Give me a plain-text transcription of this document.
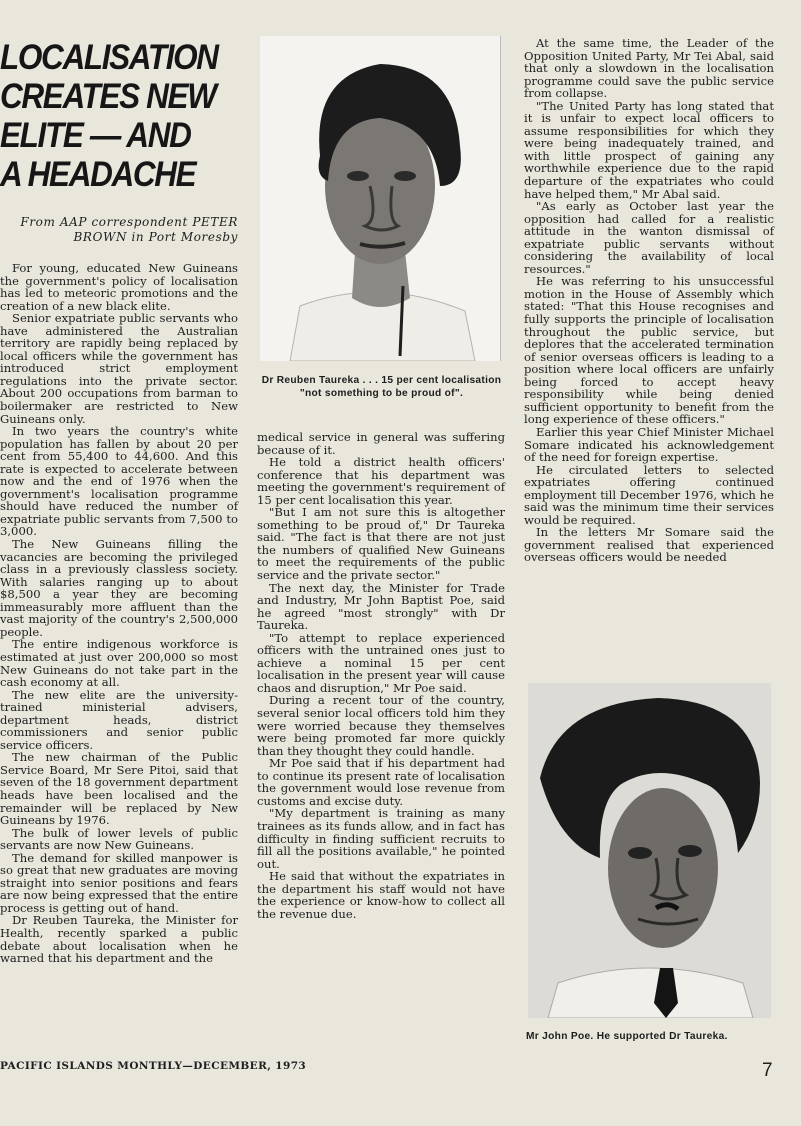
LOCALISATION
CREATES NEW
ELITE — AND
A HEADACHE
From AAP correspondent PETER
BROWN in Port Moresby

For young, educated New Guineans the government's policy of localisation has led to meteoric promotions and the creation of a new black elite.

Senior expatriate public servants who have administered the Australian territory are rapidly being replaced by local officers while the government has introduced strict employment regulations into the private sector. About 200 occupations from barman to boilermaker are restricted to New Guineans only.

In two years the country's white population has fallen by about 20 per cent from 55,400 to 44,600. And this rate is expected to accelerate between now and the end of 1976 when the government's localisation programme should have reduced the number of expatriate public servants from 7,500 to 3,000.

The New Guineans filling the vacancies are becoming the privileged class in a previously classless society. With salaries ranging up to about $8,500 a year they are becoming immeasurably more affluent than the vast majority of the country's 2,500,000 people.

The entire indigenous workforce is estimated at just over 200,000 so most New Guineans do not take part in the cash economy at all.

The new elite are the university-trained ministerial advisers, department heads, district commissioners and senior public service officers.

The new chairman of the Public Service Board, Mr Sere Pitoi, said that seven of the 18 government department heads have been localised and the remainder will be replaced by New Guineans by 1976.

The bulk of lower levels of public servants are now New Guineans.

The demand for skilled manpower is so great that new graduates are moving straight into senior positions and fears are now being expressed that the entire process is getting out of hand.

Dr Reuben Taureka, the Minister for Health, recently sparked a public debate about localisation when he warned that his department and the

Dr Reuben Taureka . . . 15 per cent localisation "not something to be proud of".

medical service in general was suffering because of it.

He told a district health officers' conference that his department was meeting the government's requirement of 15 per cent localisation this year.

"But I am not sure this is altogether something to be proud of," Dr Taureka said. "The fact is that there are not just the numbers of qualified New Guineans to meet the requirements of the public service and the private sector."

The next day, the Minister for Trade and Industry, Mr John Baptist Poe, said he agreed "most strongly" with Dr Taureka.

"To attempt to replace experienced officers with the untrained ones just to achieve a nominal 15 per cent localisation in the present year will cause chaos and disruption," Mr Poe said.

During a recent tour of the country, several senior local officers told him they were worried because they themselves were being promoted far more quickly than they thought they could handle.

Mr Poe said that if his department had to continue its present rate of localisation the government would lose revenue from customs and excise duty.

"My department is training as many trainees as its funds allow, and in fact has difficulty in finding sufficient recruits to fill all the positions available," he pointed out.

He said that without the expatriates in the department his staff would not have the experience or know-how to collect all the revenue due.

At the same time, the Leader of the Opposition United Party, Mr Tei Abal, said that only a slowdown in the localisation programme could save the public service from collapse.

"The United Party has long stated that it is unfair to expect local officers to assume responsibilities for which they were being inadequately trained, and with little prospect of gaining any worthwhile experience due to the rapid departure of the expatriates who could have helped them," Mr Abal said.

"As early as October last year the opposition had called for a realistic attitude in the wanton dismissal of expatriate public servants without considering the availability of local resources."

He was referring to his unsuccessful motion in the House of Assembly which stated: "That this House recognises and fully supports the principle of localisation throughout the public service, but deplores that the accelerated termination of senior overseas officers is leading to a position where local officers are unfairly being forced to accept heavy responsibility while being denied sufficient opportunity to benefit from the long experience of these officers."

Earlier this year Chief Minister Michael Somare indicated his acknowledgement of the need for foreign expertise.

He circulated letters to selected expatriates offering continued employment till December 1976, which he said was the minimum time their services would be required.

In the letters Mr Somare said the government realised that experienced overseas officers would be needed

Mr John Poe. He supported Dr Taureka.
PACIFIC ISLANDS MONTHLY—DECEMBER, 1973	7
